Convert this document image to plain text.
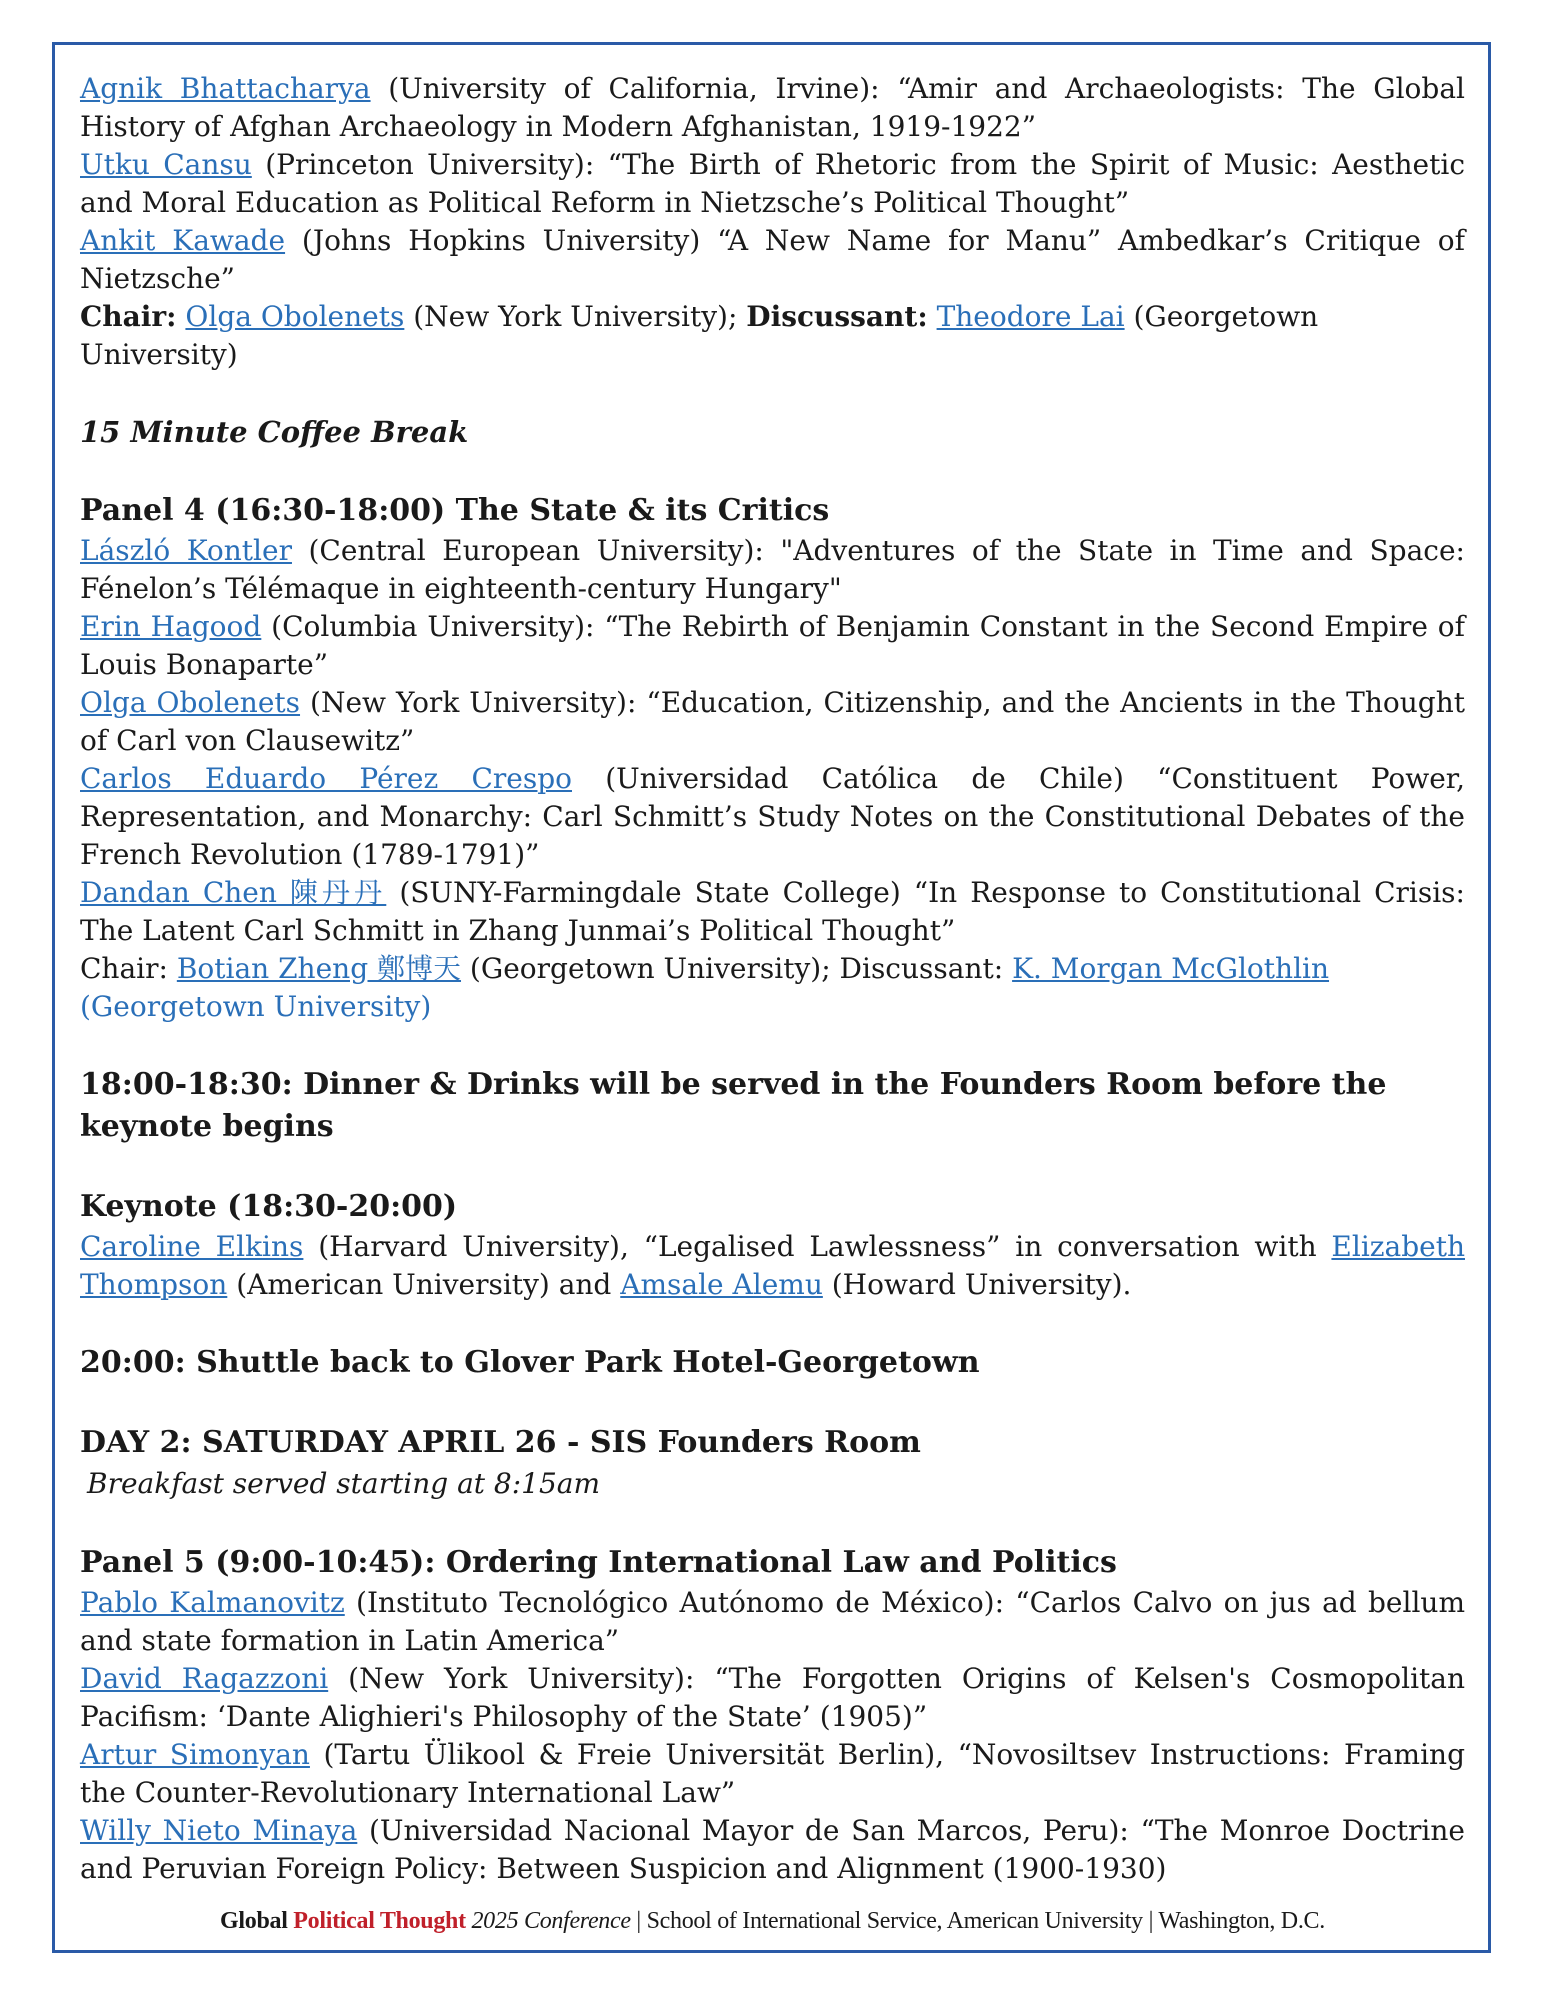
Agnik Bhattacharya (University of California, Irvine): “Amir and Archaeologists: The Global History of Afghan Archaeology in Modern Afghanistan, 1919-1922”

Utku Cansu (Princeton University): “The Birth of Rhetoric from the Spirit of Music: Aesthetic and Moral Education as Political Reform in Nietzsche’s Political Thought”

Ankit Kawade (Johns Hopkins University) “A New Name for Manu” Ambedkar’s Critique of Nietzsche”

Chair: Olga Obolenets (New York University); Discussant: Theodore Lai (Georgetown University)

15 Minute Coffee Break

Panel 4 (16:30-18:00) The State & its Critics

László Kontler (Central European University): "Adventures of the State in Time and Space: Fénelon’s Télémaque in eighteenth-century Hungary"

Erin Hagood (Columbia University): “The Rebirth of Benjamin Constant in the Second Empire of Louis Bonaparte”

Olga Obolenets (New York University): “Education, Citizenship, and the Ancients in the Thought of Carl von Clausewitz”

Carlos Eduardo Pérez Crespo (Universidad Católica de Chile) “Constituent Power, Representation, and Monarchy: Carl Schmitt’s Study Notes on the Constitutional Debates of the French Revolution (1789-1791)”

Dandan Chen 陳丹丹 (SUNY-Farmingdale State College) “In Response to Constitutional Crisis: The Latent Carl Schmitt in Zhang Junmai’s Political Thought”

Chair: Botian Zheng 鄭博天 (Georgetown University); Discussant: K. Morgan McGlothlin (Georgetown University)

18:00-18:30: Dinner & Drinks will be served in the Founders Room before the keynote begins

Keynote (18:30-20:00)

Caroline Elkins (Harvard University), “Legalised Lawlessness” in conversation with Elizabeth Thompson (American University) and Amsale Alemu (Howard University).

20:00: Shuttle back to Glover Park Hotel-Georgetown

DAY 2: SATURDAY APRIL 26 - SIS Founders Room

Breakfast served starting at 8:15am

Panel 5 (9:00-10:45): Ordering International Law and Politics

Pablo Kalmanovitz (Instituto Tecnológico Autónomo de México): “Carlos Calvo on jus ad bellum and state formation in Latin America”

David Ragazzoni (New York University): “The Forgotten Origins of Kelsen's Cosmopolitan Pacifism: ‘Dante Alighieri's Philosophy of the State’ (1905)”

Artur Simonyan (Tartu Ülikool & Freie Universität Berlin), “Novosiltsev Instructions: Framing the Counter-Revolutionary International Law”

Willy Nieto Minaya (Universidad Nacional Mayor de San Marcos, Peru): “The Monroe Doctrine and Peruvian Foreign Policy: Between Suspicion and Alignment (1900-1930)

Global Political Thought 2025 Conference | School of International Service, American University | Washington, D.C.
